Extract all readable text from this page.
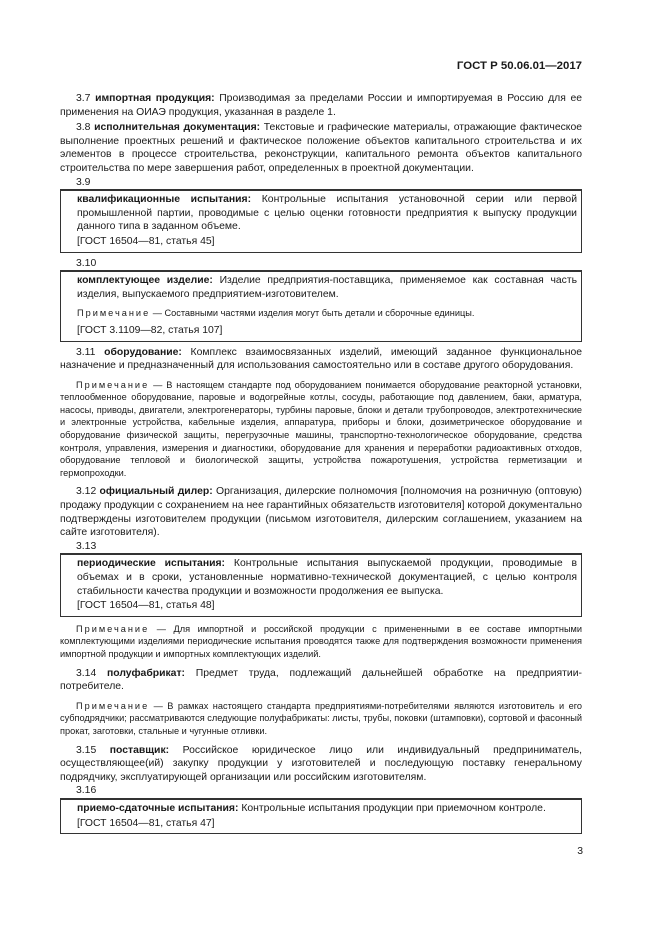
ГОСТ Р 50.06.01—2017

3.7 импортная продукция: Производимая за пределами России и импортируемая в Россию для ее применения на ОИАЭ продукция, указанная в разделе 1.

3.8 исполнительная документация: Текстовые и графические материалы, отражающие фактическое выполнение проектных решений и фактическое положение объектов капитального строительства и их элементов в процессе строительства, реконструкции, капитального ремонта объектов капитального строительства по мере завершения работ, определенных в проектной документации.

3.9

квалификационные испытания: Контрольные испытания установочной серии или первой промышленной партии, проводимые с целью оценки готовности предприятия к выпуску продукции данного типа в заданном объеме.

[ГОСТ 16504—81, статья 45]

3.10

комплектующее изделие: Изделие предприятия-поставщика, применяемое как составная часть изделия, выпускаемого предприятием-изготовителем.

Примечание — Составными частями изделия могут быть детали и сборочные единицы.

[ГОСТ 3.1109—82, статья 107]

3.11 оборудование: Комплекс взаимосвязанных изделий, имеющий заданное функциональное назначение и предназначенный для использования самостоятельно или в составе другого оборудования.

Примечание — В настоящем стандарте под оборудованием понимается оборудование реакторной установки, теплообменное оборудование, паровые и водогрейные котлы, сосуды, работающие под давлением, баки, арматура, насосы, приводы, двигатели, электрогенераторы, турбины паровые, блоки и детали трубопроводов, электротехнические и электронные устройства, кабельные изделия, аппаратура, приборы и блоки, дозиметрическое оборудование и оборудование физической защиты, перегрузочные машины, транспортно-технологическое оборудование, средства контроля, управления, измерения и диагностики, оборудование для хранения и переработки радиоактивных отходов, оборудование тепловой и биологической защиты, устройства пожаротушения, устройства герметизации и гермопроходки.

3.12 официальный дилер: Организация, дилерские полномочия [полномочия на розничную (оптовую) продажу продукции с сохранением на нее гарантийных обязательств изготовителя] которой документально подтверждены изготовителем продукции (письмом изготовителя, дилерским соглашением, указанием на сайте изготовителя).

3.13

периодические испытания: Контрольные испытания выпускаемой продукции, проводимые в объемах и в сроки, установленные нормативно-технической документацией, с целью контроля стабильности качества продукции и возможности продолжения ее выпуска.

[ГОСТ 16504—81, статья 48]

Примечание — Для импортной и российской продукции с примененными в ее составе импортными комплектующими изделиями периодические испытания проводятся также для подтверждения возможности применения импортной продукции и импортных комплектующих изделий.

3.14 полуфабрикат: Предмет труда, подлежащий дальнейшей обработке на предприятии-потребителе.

Примечание — В рамках настоящего стандарта предприятиями-потребителями являются изготовитель и его субподрядчики; рассматриваются следующие полуфабрикаты: листы, трубы, поковки (штамповки), сортовой и фасонный прокат, заготовки, стальные и чугунные отливки.

3.15 поставщик: Российское юридическое лицо или индивидуальный предприниматель, осуществляющее(ий) закупку продукции у изготовителей и последующую поставку генеральному подрядчику, эксплуатирующей организации или российским изготовителям.

3.16

приемо-сдаточные испытания: Контрольные испытания продукции при приемочном контроле.

[ГОСТ 16504—81, статья 47]

3
